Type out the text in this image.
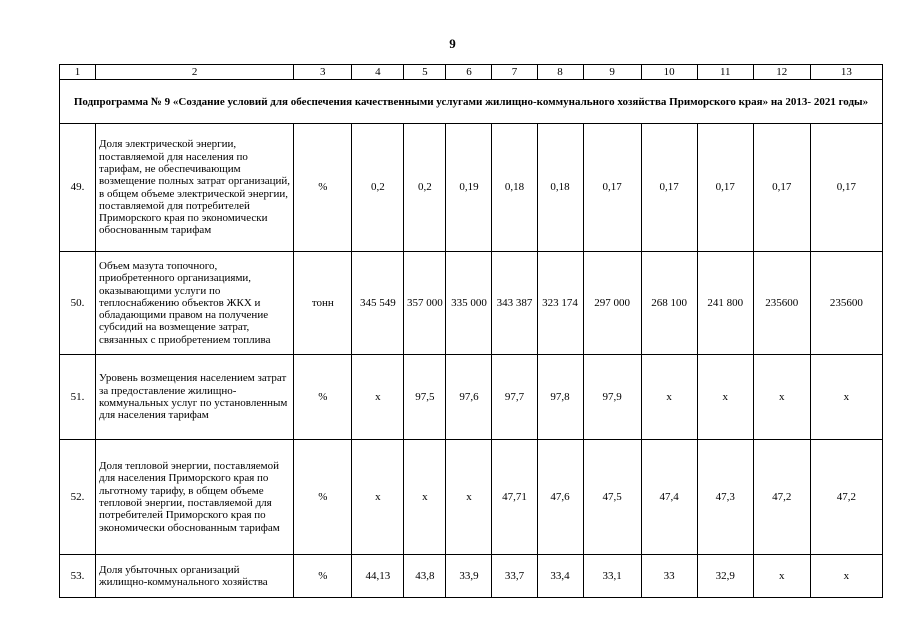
9
1	2	3	4	5	6	7	8	9	10	11	12	13
Подпрограмма № 9 «Создание условий для обеспечения качественными услугами жилищно-коммунального хозяйства Приморского края» на 2013- 2021 годы»												
49.	Доля электрической энергии, поставляемой для населения по тарифам, не обеспечивающим возмещение полных затрат организаций, в общем объеме электрической энергии, поставляемой для потребителей Приморского края по экономически обоснованным тарифам	%	0,2	0,2	0,19	0,18	0,18	0,17	0,17	0,17	0,17	0,17
50.	Объем мазута топочного, приобретенного организациями, оказывающими услуги по теплоснабжению объектов ЖКХ и обладающими правом на получение субсидий на возмещение затрат, связанных с приобретением топлива	тонн	345 549	357 000	335 000	343 387	323 174	297 000	268 100	241 800	235600	235600
51.	Уровень возмещения населением затрат за предоставление жилищно-коммунальных услуг по установленным для населения тарифам	%	х	97,5	97,6	97,7	97,8	97,9	х	х	х	х
52.	Доля тепловой энергии, поставляемой для населения Приморского края по льготному тарифу, в общем объеме тепловой энергии, поставляемой для потребителей Приморского края по экономически обоснованным тарифам	%	х	х	х	47,71	47,6	47,5	47,4	47,3	47,2	47,2
53.	Доля убыточных организаций жилищно-коммунального хозяйства	%	44,13	43,8	33,9	33,7	33,4	33,1	33	32,9	х	х
